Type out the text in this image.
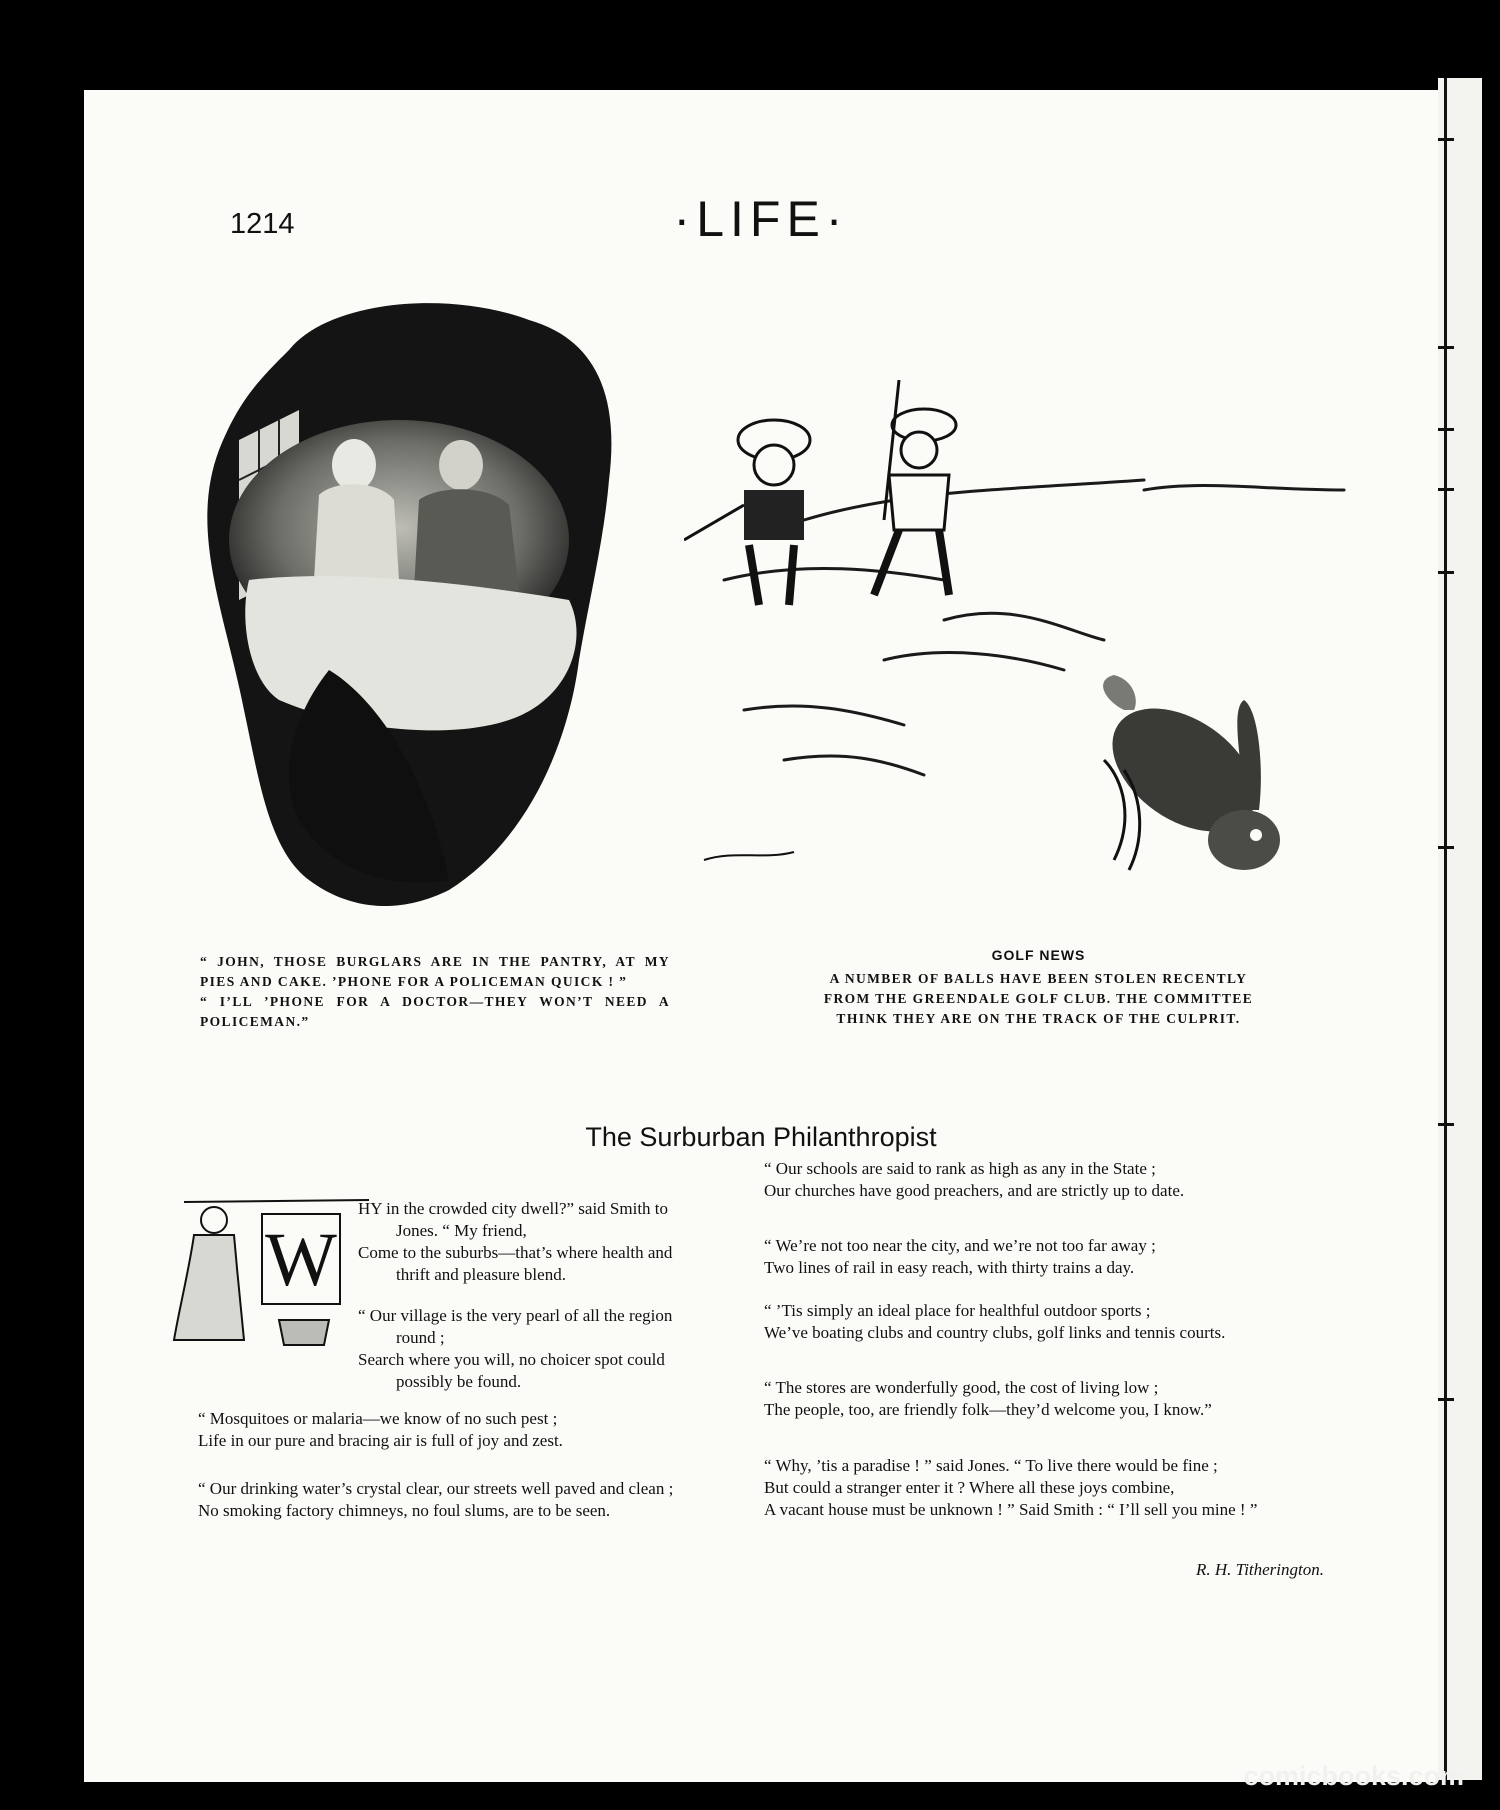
1214	·LIFE·

“ JOHN, THOSE BURGLARS ARE IN THE PANTRY, AT MY PIES AND CAKE. ’PHONE FOR A POLICEMAN QUICK ! ”

“ I’LL ’PHONE FOR A DOCTOR—THEY WON’T NEED A POLICEMAN.”

GOLF NEWS

A NUMBER OF BALLS HAVE BEEN STOLEN RECENTLY FROM THE GREENDALE GOLF CLUB. THE COMMITTEE THINK THEY ARE ON THE TRACK OF THE CULPRIT.

The Surburban Philanthropist
W
HY in the crowded city dwell?” said Smith to Jones. “ My friend,
Come to the suburbs—that’s where health and thrift and pleasure blend.
“ Our village is the very pearl of all the region round ;
Search where you will, no choicer spot could possibly be found.
“ Mosquitoes or malaria—we know of no such pest ;
Life in our pure and bracing air is full of joy and zest.
“ Our drinking water’s crystal clear, our streets well paved and clean ;
No smoking factory chimneys, no foul slums, are to be seen.
“ Our schools are said to rank as high as any in the State ;
Our churches have good preachers, and are strictly up to date.
“ We’re not too near the city, and we’re not too far away ;
Two lines of rail in easy reach, with thirty trains a day.
“ ’Tis simply an ideal place for healthful outdoor sports ;
We’ve boating clubs and country clubs, golf links and tennis courts.
“ The stores are wonderfully good, the cost of living low ;
The people, too, are friendly folk—they’d welcome you, I know.”
“ Why, ’tis a paradise ! ” said Jones. “ To live there would be fine ;
But could a stranger enter it ? Where all these joys combine,
A vacant house must be unknown ! ” Said Smith : “ I’ll sell you mine ! ”
R. H. Titherington.
comicbooks.com
